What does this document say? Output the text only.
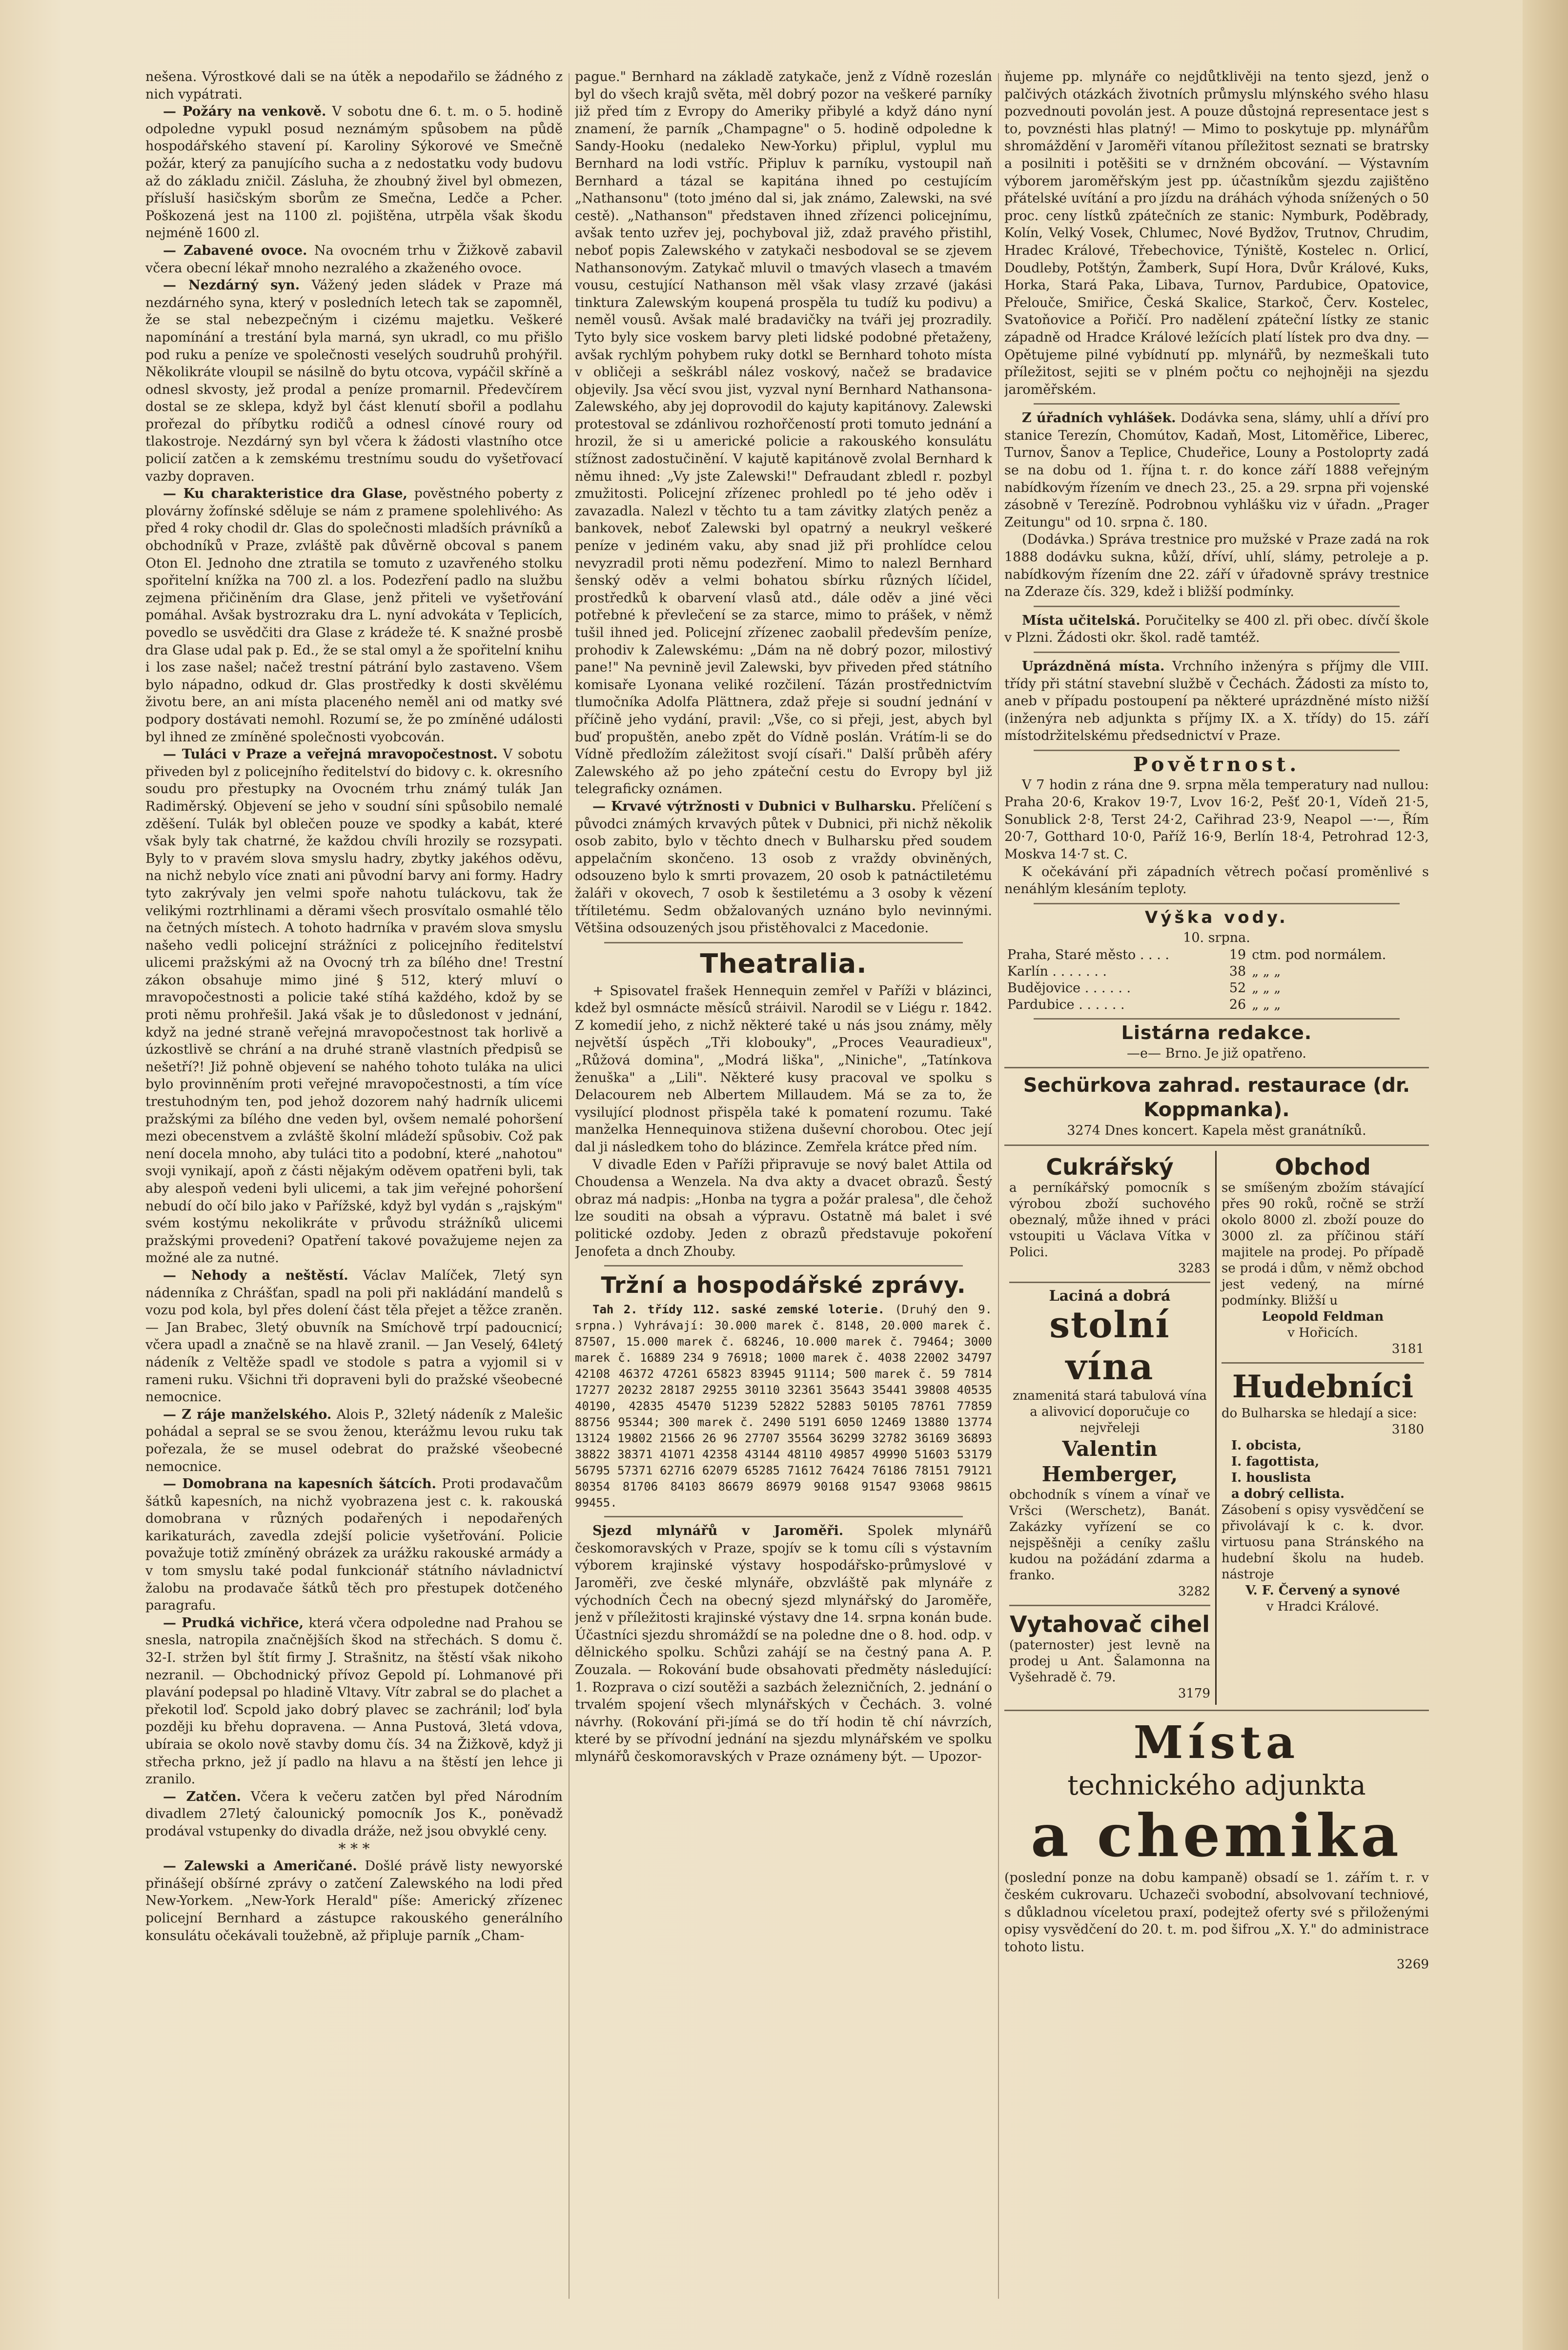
nešena. Výrostkové dali se na útěk a nepodařilo se žádného z nich vypátrati.

— Požáry na venkově. V sobotu dne 6. t. m. o 5. hodině odpoledne vypukl posud neznámým spůsobem na půdě hospodářského stavení pí. Karoliny Sýkorové ve Smečně požár, který za panujícího sucha a z nedostatku vody budovu až do základu zničil. Zásluha, že zhoubný živel byl obmezen, přísluší hasičským sborům ze Smečna, Ledče a Pcher. Poškozená jest na 1100 zl. pojištěna, utrpěla však škodu nejméně 1600 zl.

— Zabavené ovoce. Na ovocném trhu v Žižkově zabavil včera obecní lékař mnoho nezralého a zkaženého ovoce.

— Nezdárný syn. Vážený jeden sládek v Praze má nezdárného syna, který v posledních letech tak se zapomněl, že se stal nebezpečným i cizému majetku. Veškeré napomínání a trestání byla marná, syn ukradl, co mu přišlo pod ruku a peníze ve společnosti veselých soudruhů prohýřil. Několikráte vloupil se násilně do bytu otcova, vypáčil skříně a odnesl skvosty, jež prodal a peníze promarnil. Předevčírem dostal se ze sklepa, když byl část klenutí sbořil a podlahu prořezal do příbytku rodičů a odnesl cínové roury od tlakostroje. Nezdárný syn byl včera k žádosti vlastního otce policií zatčen a k zemskému trestnímu soudu do vyšetřovací vazby dopraven.

— Ku charakteristice dra Glase, pověstného poberty z plovárny žofínské sděluje se nám z pramene spolehlivého: As před 4 roky chodil dr. Glas do společnosti mladších právníků a obchodníků v Praze, zvláště pak důvěrně obcoval s panem Oton El. Jednoho dne ztratila se tomuto z uzavřeného stolku spořitelní knížka na 700 zl. a los. Podezření padlo na službu zejmena přičiněním dra Glase, jenž přiteli ve vyšetřování pomáhal. Avšak bystrozraku dra L. nyní advokáta v Teplicích, povedlo se usvědčiti dra Glase z krádeže té. K snažné prosbě dra Glase udal pak p. Ed., že se stal omyl a že spořitelní knihu i los zase našel; načež trestní pátrání bylo zastaveno. Všem bylo nápadno, odkud dr. Glas prostředky k dosti skvělému životu bere, an ani místa placeného neměl ani od matky své podpory dostávati nemohl. Rozumí se, že po zmíněné události byl ihned ze zmíněné společnosti vyobcován.

— Tuláci v Praze a veřejná mravopočestnost. V sobotu přiveden byl z policejního ředitelství do bidovy c. k. okresního soudu pro přestupky na Ovocném trhu známý tulák Jan Radiměrský. Objevení se jeho v soudní síni spůsobilo nemalé zděšení. Tulák byl oblečen pouze ve spodky a kabát, které však byly tak chatrné, že každou chvíli hrozily se rozsypati. Byly to v pravém slova smyslu hadry, zbytky jakéhos oděvu, na nichž nebylo více znati ani původní barvy ani formy. Hadry tyto zakrývaly jen velmi spoře nahotu tuláckovu, tak že velikými roztrhlinami a děrami všech prosvítalo osmahlé tělo na četných místech. A tohoto hadrníka v pravém slova smyslu našeho vedli policejní strážníci z policejního ředitelství ulicemi pražskými až na Ovocný trh za bílého dne! Trestní zákon obsahuje mimo jiné § 512, který mluví o mravopočestnosti a policie také stíhá každého, kdož by se proti němu prohřešil. Jaká však je to důsledonost v jednání, když na jedné straně veřejná mravopočestnost tak horlivě a úzkostlivě se chrání a na druhé straně vlastních předpisů se nešetří?! Již pohně objevení se nahého tohoto tuláka na ulici bylo provinněním proti veřejné mravopočestnosti, a tím více trestuhodným ten, pod jehož dozorem nahý hadrník ulicemi pražskými za bílého dne veden byl, ovšem nemalé pohoršení mezi obecenstvem a zvláště školní mládeží spůsobiv. Což pak není docela mnoho, aby tuláci tito a podobní, které „nahotou" svoji vynikají, apoň z části nějakým oděvem opatřeni byli, tak aby alespoň vedeni byli ulicemi, a tak jim veřejné pohoršení nebudí do očí bilo jako v Pařížské, když byl vydán s „rajským" svém kostýmu nekolikráte v průvodu strážníků ulicemi pražskými provedeni? Opatření takové považujeme nejen za možné ale za nutné.

— Nehody a neštěstí. Václav Malíček, 7letý syn nádenníka z Chrášťan, spadl na poli při nakládání mandelů s vozu pod kola, byl přes dolení část těla přejet a těžce zraněn. — Jan Brabec, 3letý obuvník na Smíchově trpí padoucnicí; včera upadl a značně se na hlavě zranil. — Jan Veselý, 64letý nádeník z Veltěže spadl ve stodole s patra a vyjomil si v rameni ruku. Všichni tři dopraveni byli do pražské všeobecné nemocnice.

— Z ráje manželského. Alois P., 32letý nádeník z Malešic pohádal a sepral se se svou ženou, kterážmu levou ruku tak pořezala, že se musel odebrat do pražské všeobecné nemocnice.

— Domobrana na kapesních šátcích. Proti prodavačům šátků kapesních, na nichž vyobrazena jest c. k. rakouská domobrana v různých podařených i nepodařených karikaturách, zavedla zdejší policie vyšetřování. Policie považuje totiž zmíněný obrázek za urážku rakouské armády a v tom smyslu také podal funkcionář státního návladnictví žalobu na prodavače šátků těch pro přestupek dotčeného paragrafu.

— Prudká vichřice, která včera odpoledne nad Prahou se snesla, natropila značnějších škod na střechách. S domu č. 32-I. stržen byl štít firmy J. Strašnitz, na štěstí však nikoho nezranil. — Obchodnický přívoz Gepold pí. Lohmanové při plavání podepsal po hladině Vltavy. Vítr zabral se do plachet a překotil loď. Scpold jako dobrý plavec se zachránil; loď byla později ku břehu dopravena. — Anna Pustová, 3letá vdova, ubíraia se okolo nově stavby domu čís. 34 na Žižkově, když ji střecha prkno, jež jí padlo na hlavu a na štěstí jen lehce ji zranilo.

— Zatčen. Včera k večeru zatčen byl před Národním divadlem 27letý čalounický pomocník Jos K., poněvadž prodával vstupenky do divadla dráže, než jsou obvyklé ceny.

* * *

— Zalewski a Američané. Došlé právě listy newyorské přinášejí obšírné zprávy o zatčení Zalewského na lodi před New-Yorkem. „New-York Herald" píše: Americký zřízenec policejní Bernhard a zástupce rakouského generálního konsulátu očekávali toužebně, až připluje parník „Cham-

pague." Bernhard na základě zatykače, jenž z Vídně rozeslán byl do všech krajů světa, měl dobrý pozor na veškeré parníky již před tím z Evropy do Ameriky přibylé a když dáno nyní znamení, že parník „Champagne" o 5. hodině odpoledne k Sandy-Hooku (nedaleko New-Yorku) připlul, vyplul mu Bernhard na lodi vstříc. Připluv k parníku, vystoupil naň Bernhard a tázal se kapitána ihned po cestujícím „Nathansonu" (toto jméno dal si, jak známo, Zalewski, na své cestě). „Nathanson" představen ihned zřízenci policejnímu, avšak tento uzřev jej, pochyboval již, zdaž pravého přistihl, neboť popis Zalewského v zatykači nesbodoval se se zjevem Nathansonovým. Zatykač mluvil o tmavých vlasech a tmavém vousu, cestující Nathanson měl však vlasy zrzavé (jakási tinktura Zalewským koupená prospěla tu tudíž ku podivu) a neměl vousů. Avšak malé bradavičky na tváři jej prozradily. Tyto byly sice voskem barvy pleti lidské podobné přetaženy, avšak rychlým pohybem ruky dotkl se Bernhard tohoto místa v obličeji a seškrábl nález voskový, načež se bradavice objevily. Jsa věcí svou jist, vyzval nyní Bernhard Nathansona-Zalewského, aby jej doprovodil do kajuty kapitánovy. Zalewski protestoval se zdánlivou rozhořčeností proti tomuto jednání a hrozil, že si u americké policie a rakouského konsulátu stížnost zadostučinění. V kajutě kapitánově zvolal Bernhard k němu ihned: „Vy jste Zalewski!" Defraudant zbledl r. pozbyl zmužitosti. Policejní zřízenec prohledl po té jeho oděv i zavazadla. Nalezl v těchto tu a tam závitky zlatých peněz a bankovek, neboť Zalewski byl opatrný a neukryl veškeré peníze v jediném vaku, aby snad již při prohlídce celou nevyzradil proti němu podezření. Mimo to nalezl Bernhard šenský oděv a velmi bohatou sbírku různých líčidel, prostředků k obarvení vlasů atd., dále oděv a jiné věci potřebné k převlečení se za starce, mimo to prášek, v němž tušil ihned jed. Policejní zřízenec zaobalil především peníze, prohodiv k Zalewskému: „Dám na ně dobrý pozor, milostivý pane!" Na pevnině jevil Zalewski, byv přiveden před státního komisaře Lyonana veliké rozčilení. Tázán prostřednictvím tlumočníka Adolfa Plättnera, zdaž přeje si soudní jednání v příčině jeho vydání, pravil: „Vše, co si přeji, jest, abych byl buď propuštěn, anebo zpět do Vídně poslán. Vrátím-li se do Vídně předložím záležitost svojí císaři." Další průběh aféry Zalewského až po jeho zpáteční cestu do Evropy byl již telegraficky oznámen.

— Krvavé výtržnosti v Dubnici v Bulharsku. Přelíčení s původci známých krvavých půtek v Dubnici, při nichž několik osob zabito, bylo v těchto dnech v Bulharsku před soudem appelačním skončeno. 13 osob z vraždy obviněných, odsouzeno bylo k smrti provazem, 20 osob k patnáctiletému žaláři v okovech, 7 osob k šestiletému a 3 osoby k vězení třítiletému. Sedm obžalovaných uznáno bylo nevinnými. Většina odsouzených jsou přistěhovalci z Macedonie.

Theatralia.

+ Spisovatel frašek Hennequin zemřel v Paříži v blázinci, kdež byl osmnácte měsíců stráivil. Narodil se v Liégu r. 1842. Z komedií jeho, z nichž některé také u nás jsou známy, měly největší úspěch „Tři klobouky", „Proces Veauradieux", „Růžová domina", „Modrá liška", „Niniche", „Tatínkova ženuška" a „Lili". Některé kusy pracoval ve spolku s Delacourem neb Albertem Millaudem. Má se za to, že vysilující plodnost přispěla také k pomatení rozumu. Také manželka Hennequinova stižena duševní chorobou. Otec její dal ji následkem toho do blázince. Zemřela krátce před ním.

V divadle Eden v Paříži připravuje se nový balet Attila od Choudensa a Wenzela. Na dva akty a dvacet obrazů. Šestý obraz má nadpis: „Honba na tygra a požár pralesa", dle čehož lze souditi na obsah a výpravu. Ostatně má balet i své politické ozdoby. Jeden z obrazů představuje pokoření Jenofeta a dnch Zhouby.

Tržní a hospodářské zprávy.

Tah 2. třídy 112. saské zemské loterie. (Druhý den 9. srpna.) Vyhrávají: 30.000 marek č. 8148, 20.000 marek č. 87507, 15.000 marek č. 68246, 10.000 marek č. 79464; 3000 marek č. 16889 234 9 76918; 1000 marek č. 4038 22002 34797 42108 46372 47261 65823 83945 91114; 500 marek č. 59 7814 17277 20232 28187 29255 30110 32361 35643 35441 39808 40535 40190, 42835 45470 51239 52822 52883 50105 78761 77859 88756 95344; 300 marek č. 2490 5191 6050 12469 13880 13774 13124 19802 21566 26 96 27707 35564 36299 32782 36169 36893 38822 38371 41071 42358 43144 48110 49857 49990 51603 53179 56795 57371 62716 62079 65285 71612 76424 76186 78151 79121 80354 81706 84103 86679 86979 90168 91547 93068 98615 99455.

Sjezd mlynářů v Jaroměři. Spolek mlynářů českomoravských v Praze, spojív se k tomu cíli s výstavním výborem krajinské výstavy hospodářsko-průmyslové v Jaroměři, zve české mlynáře, obzvláště pak mlynáře z východních Čech na obecný sjezd mlynářský do Jaroměře, jenž v příležitosti krajinské výstavy dne 14. srpna konán bude. Účastníci sjezdu shromáždí se na poledne dne o 8. hod. odp. v dělnického spolku. Schůzi zahájí se na čestný pana A. P. Zouzala. — Rokování bude obsahovati předměty následující: 1. Rozprava o cizí soutěži a sazbách železničních, 2. jednání o trvalém spojení všech mlynářských v Čechách. 3. volné návrhy. (Rokování při-jímá se do tří hodin tě chí návrzích, které by se přívodní jednání na sjezdu mlynářském ve spolku mlynářů českomoravských v Praze oznámeny být. — Upozor-

ňujeme pp. mlynáře co nejdůtklivěji na tento sjezd, jenž o palčivých otázkách životních průmyslu mlýnského svého hlasu pozvednouti povolán jest. A pouze důstojná representace jest s to, povznésti hlas platný! — Mimo to poskytuje pp. mlynářům shromáždění v Jaroměři vítanou příležitost seznati se bratrsky a posilniti i potěšiti se v drnžném obcování. — Výstavním výborem jaroměřským jest pp. účastníkům sjezdu zajištěno přátelské uvítání a pro jízdu na dráhách výhoda snížených o 50 proc. ceny lístků zpátečních ze stanic: Nymburk, Poděbrady, Kolín, Velký Vosek, Chlumec, Nové Bydžov, Trutnov, Chrudim, Hradec Králové, Třebechovice, Týniště, Kostelec n. Orlicí, Doudleby, Potštýn, Žamberk, Supí Hora, Dvůr Králové, Kuks, Horka, Stará Paka, Libava, Turnov, Pardubice, Opatovice, Přelouče, Smiřice, Česká Skalice, Starkoč, Červ. Kostelec, Svatoňovice a Pořičí. Pro nadělení zpáteční lístky ze stanic západně od Hradce Králové ležících platí lístek pro dva dny. — Opětujeme pilné vybídnutí pp. mlynářů, by nezmeškali tuto příležitost, sejiti se v plném počtu co nejhojněji na sjezdu jaroměřském.

Z úřadních vyhlášek. Dodávka sena, slámy, uhlí a dříví pro stanice Terezín, Chomútov, Kadaň, Most, Litoměřice, Liberec, Turnov, Šanov a Teplice, Chudeřice, Louny a Postoloprty zadá se na dobu od 1. října t. r. do konce září 1888 veřejným nabídkovým řízením ve dnech 23., 25. a 29. srpna při vojenské zásobně v Terezíně. Podrobnou vyhlášku viz v úřadn. „Prager Zeitungu" od 10. srpna č. 180.

(Dodávka.) Správa trestnice pro mužské v Praze zadá na rok 1888 dodávku sukna, kůží, dříví, uhlí, slámy, petroleje a p. nabídkovým řízením dne 22. září v úřadovně správy trestnice na Zderaze čís. 329, kdež i bližší podmínky.

Místa učitelská. Poručitelky se 400 zl. při obec. dívčí škole v Plzni. Žádosti okr. škol. radě tamtéž.

Uprázdněná místa. Vrchního inženýra s příjmy dle VIII. třídy při státní stavební službě v Čechách. Žádosti za místo to, aneb v případu postoupení pa některé uprázdněné místo nižší (inženýra neb adjunkta s příjmy IX. a X. třídy) do 15. září místodržitelskému předsednictví v Praze.

Povětrnost.

V 7 hodin z rána dne 9. srpna měla temperatury nad nullou: Praha 20·6, Krakov 19·7, Lvov 16·2, Pešť 20·1, Vídeň 21·5, Sonublick 2·8, Terst 24·2, Cařihrad 23·9, Neapol —·—, Řím 20·7, Gotthard 10·0, Paříž 16·9, Berlín 18·4, Petrohrad 12·3, Moskva 14·7 st. C.

K očekávání při západních větrech počasí proměnlivé s nenáhlým klesáním teploty.

Výška vody.
10. srpna.
Praha, Staré město . . . .	19	ctm. pod normálem.
Karlín . . . . . . .	38	„ „ „
Budějovice . . . . . .	52	„ „ „
Pardubice . . . . . .	26	„ „ „
Listárna redakce.
—e— Brno. Je již opatřeno.
Sechürkova zahrad. restaurace (dr. Koppmanka).
3274 Dnes koncert. Kapela měst granátníků.
Cukrářský
a perníkářský pomocník s výrobou zboží suchového obeznalý, může ihned v práci vstoupiti u Václava Vítka v Polici.
3283
Laciná a dobrá
stolní vína
znamenitá stará tabulová vína a alivovicí doporučuje co nejvřeleji
Valentin Hemberger,
obchodník s vínem a vínař ve Vršci (Werschetz), Banát. Zakázky vyřízení se co nejspěšněji a ceníky zašlu kudou na požádání zdarma a franko.
3282
Vytahovač cihel
(paternoster) jest levně na prodej u Ant. Šalamonna na Vyšehradě č. 79.
3179
Obchod
se smíšeným zbožím stávající přes 90 roků, ročně se strží okolo 8000 zl. zboží pouze do 3000 zl. za příčinou stáří majitele na prodej. Po případě se prodá i dům, v němž obchod jest vedený, na mírné podmínky. Bližší u
Leopold Feldman
v Hořicích.
3181
Hudebníci
do Bulharska se hledají a sice:
3180
I. obcista,
I. fagottista,
I. houslista
a dobrý cellista.
Zásobení s opisy vysvědčení se přivolávají k c. k. dvor. virtuosu pana Stránského na hudební školu na hudeb. nástroje
V. F. Červený a synové
v Hradci Králové.
Místa
technického adjunkta
a chemika

(poslední ponze na dobu kampaně) obsadí se 1. zářím t. r. v českém cukrovaru. Uchazeči svobodní, absolvovaní techniové, s důkladnou víceletou praxí, podejtež oferty své s přiloženými opisy vysvědčení do 20. t. m. pod šifrou „X. Y." do administrace tohoto listu.

3269
